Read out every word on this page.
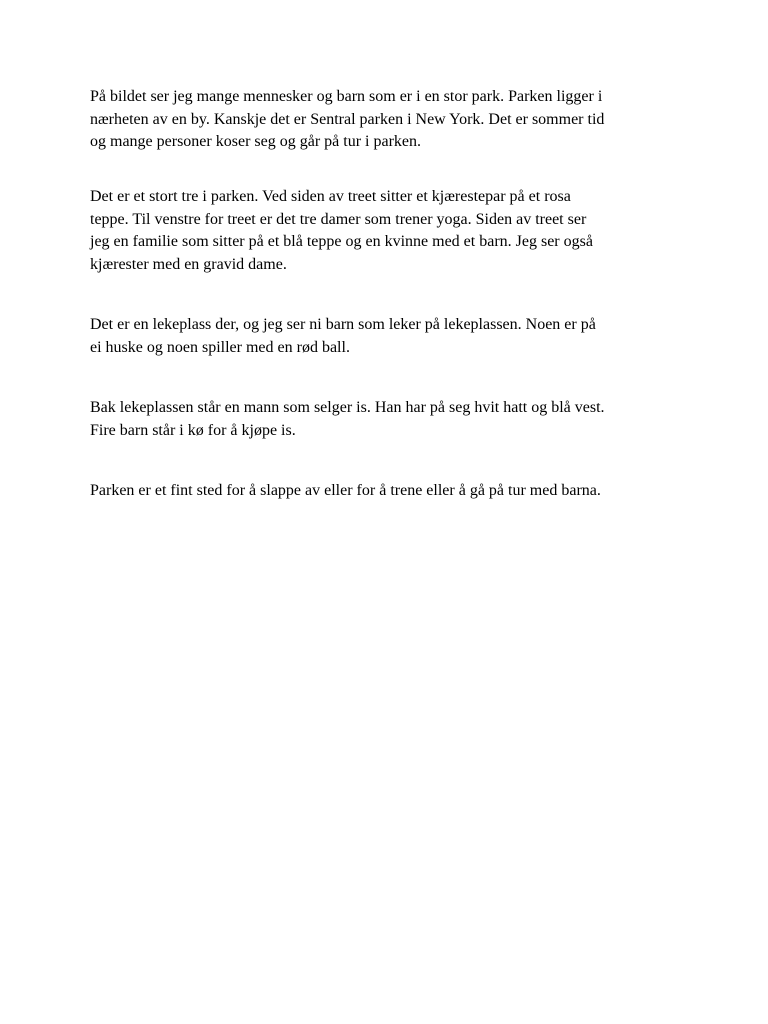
På bildet ser jeg mange mennesker og barn som er i en stor park. Parken ligger i
nærheten av en by. Kanskje det er Sentral parken i New York. Det er sommer tid
og mange personer koser seg og går på tur i parken.

Det er et stort tre i parken. Ved siden av treet sitter et kjærestepar på et rosa
teppe. Til venstre for treet er det tre damer som trener yoga. Siden av treet ser
jeg en familie som sitter på et blå teppe og en kvinne med et barn. Jeg ser også
kjærester med en gravid dame.

Det er en lekeplass der, og jeg ser ni barn som leker på lekeplassen. Noen er på
ei huske og noen spiller med en rød ball.

Bak lekeplassen står en mann som selger is. Han har på seg hvit hatt og blå vest.
Fire barn står i kø for å kjøpe is.

Parken er et fint sted for å slappe av eller for å trene eller å gå på tur med barna.
